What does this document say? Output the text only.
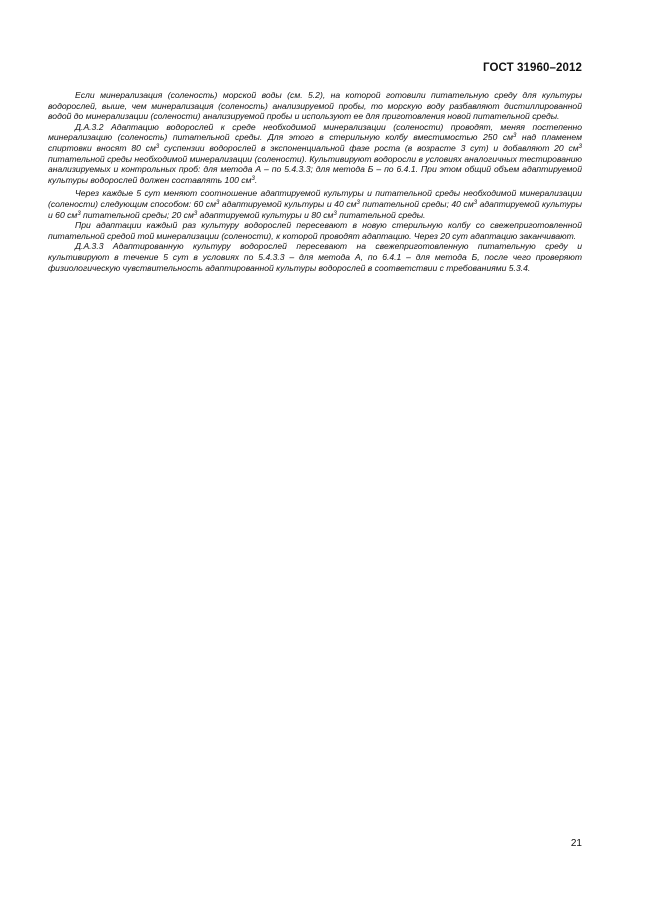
ГОСТ 31960–2012

Если минерализация (соленость) морской воды (см. 5.2), на которой готовили питательную среду для культуры водорослей, выше, чем минерализация (соленость) анализируемой пробы, то морскую воду разбавляют дистиллированной водой до минерализации (солености) анализируемой пробы и используют ее для приготовления новой питательной среды.

Д.А.3.2 Адаптацию водорослей к среде необходимой минерализации (солености) проводят, меняя постепенно минерализацию (соленость) питательной среды. Для этого в стерильную колбу вместимостью 250 $см^3$ над пламенем спиртовки вносят 80 $см^3$ суспензии водорослей в экспоненциальной фазе роста (в возрасте 3 сут) и добавляют 20 $см^3$ питательной среды необходимой минерализации (солености). Культивируют водоросли в условиях аналогичных тестированию анализируемых и контрольных проб: для метода А – по 5.4.3.3; для метода Б – по 6.4.1. При этом общий объем адаптируемой культуры водорослей должен составлять 100 $см^3$.

Через каждые 5 сут меняют соотношение адаптируемой культуры и питательной среды необходимой минерализации (солености) следующим способом: 60 $см^3$ адаптируемой культуры и 40 $см^3$ питательной среды; 40 $см^3$ адаптируемой культуры и 60 $см^3$ питательной среды; 20 $см^3$ адаптируемой культуры и 80 $см^3$ питательной среды.

При адаптации каждый раз культуру водорослей пересевают в новую стерильную колбу со свежеприготовленной питательной средой той минерализации (солености), к которой проводят адаптацию. Через 20 сут адаптацию заканчивают.

Д.А.3.3 Адаптированную культуру водорослей пересевают на свежеприготовленную питательную среду и культивируют в течение 5 сут в условиях по 5.4.3.3 – для метода А, по 6.4.1 – для метода Б, после чего проверяют физиологическую чувствительность адаптированной культуры водорослей в соответствии с требованиями 5.3.4.

21
